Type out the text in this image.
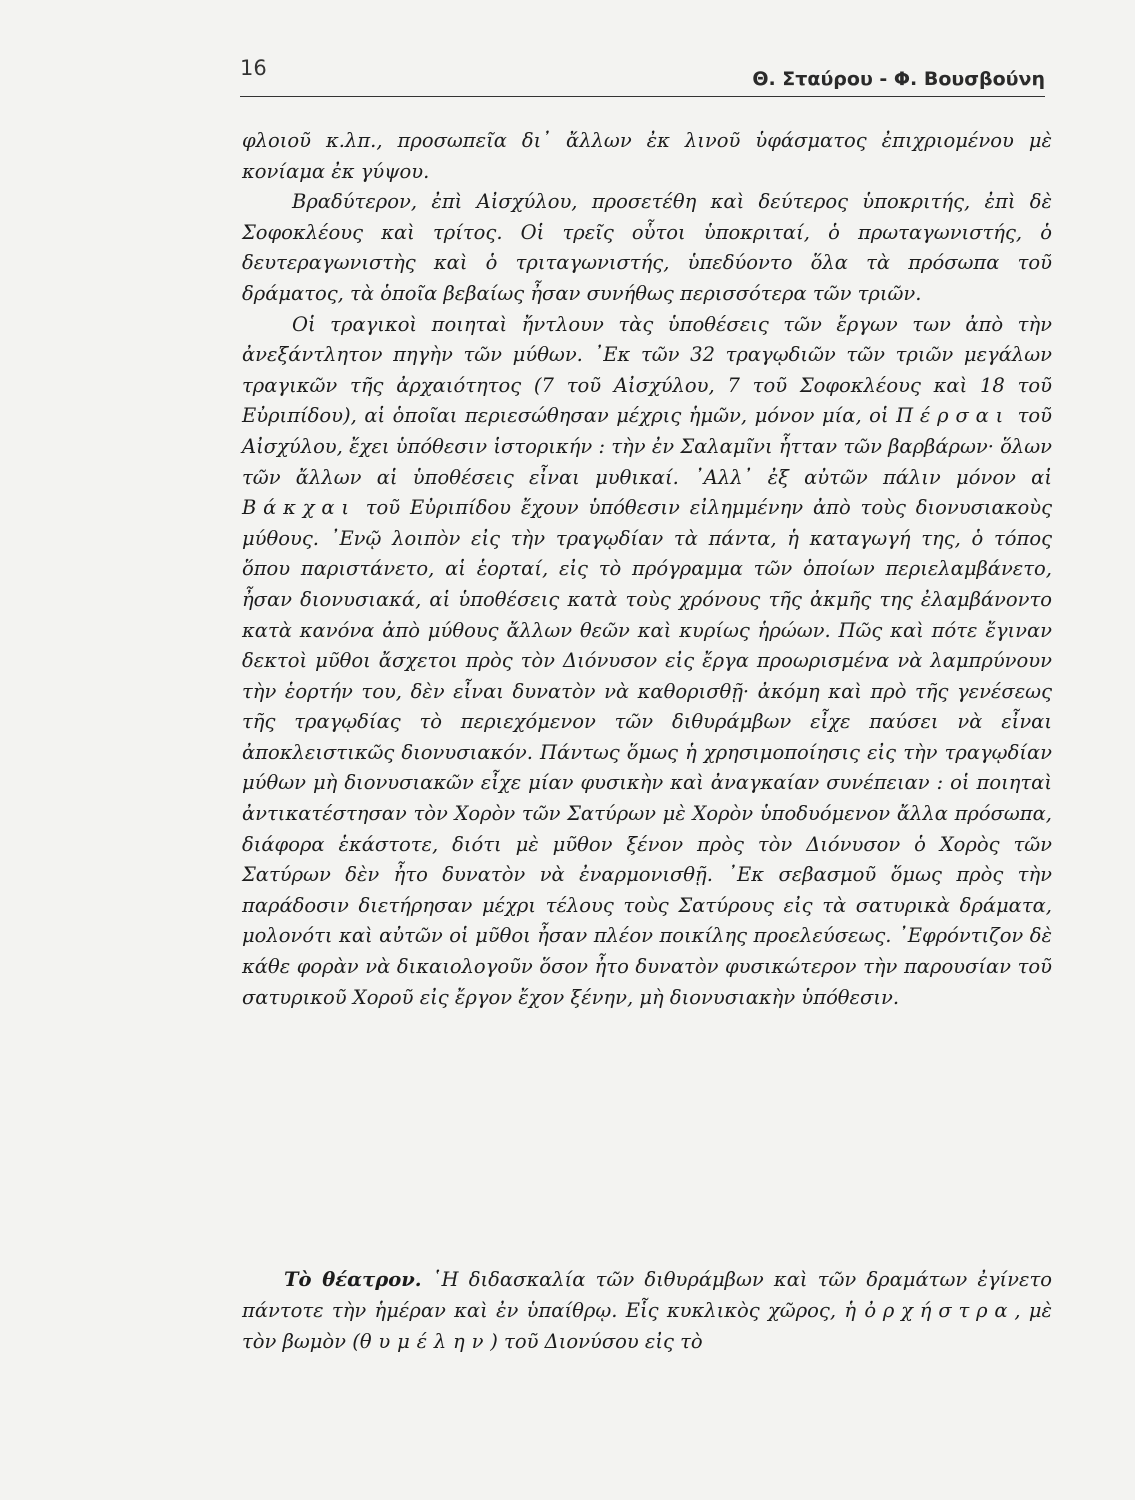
16	Θ. Σταύρου - Φ. Βουσβούνη

φλοιοῦ κ.λπ., προσωπεῖα δι᾽ ἄλλων ἐκ λινοῦ ὑφάσματος ἐπιχριομένου μὲ κονίαμα ἐκ γύψου.

Βραδύτερον, ἐπὶ Αἰσχύλου, προσετέθη καὶ δεύτερος ὑποκριτής, ἐπὶ δὲ Σοφοκλέους καὶ τρίτος. Οἱ τρεῖς οὗτοι ὑποκριταί, ὁ πρωταγωνιστής, ὁ δευτεραγωνιστὴς καὶ ὁ τριταγωνιστής, ὑπεδύοντο ὅλα τὰ πρόσωπα τοῦ δράματος, τὰ ὁποῖα βεβαίως ἦσαν συνήθως περισσότερα τῶν τριῶν.

Οἱ τραγικοὶ ποιηταὶ ἤντλουν τὰς ὑποθέσεις τῶν ἔργων των ἀπὸ τὴν ἀνεξάντλητον πηγὴν τῶν μύθων. ᾿Εκ τῶν 32 τραγῳδιῶν τῶν τριῶν μεγάλων τραγικῶν τῆς ἀρχαιότητος (7 τοῦ Αἰσχύλου, 7 τοῦ Σοφοκλέους καὶ 18 τοῦ Εὐριπίδου), αἱ ὁποῖαι περιεσώθησαν μέχρις ἡμῶν, μόνον μία, οἱ Πέρσαι τοῦ Αἰσχύλου, ἔχει ὑπόθεσιν ἱστορικήν : τὴν ἐν Σαλαμῖνι ἧτταν τῶν βαρβάρων· ὅλων τῶν ἄλλων αἱ ὑποθέσεις εἶναι μυθικαί. ᾿Αλλ᾽ ἐξ αὐτῶν πάλιν μόνον αἱ Βάκχαι τοῦ Εὐριπίδου ἔχουν ὑπόθεσιν εἰλημμένην ἀπὸ τοὺς διονυσιακοὺς μύθους. ᾿Ενῷ λοιπὸν εἰς τὴν τραγῳδίαν τὰ πάντα, ἡ καταγωγή της, ὁ τόπος ὅπου παριστάνετο, αἱ ἑορταί, εἰς τὸ πρόγραμμα τῶν ὁποίων περιελαμβάνετο, ἦσαν διονυσιακά, αἱ ὑποθέσεις κατὰ τοὺς χρόνους τῆς ἀκμῆς της ἐλαμβάνοντο κατὰ κανόνα ἀπὸ μύθους ἄλλων θεῶν καὶ κυρίως ἡρώων. Πῶς καὶ πότε ἔγιναν δεκτοὶ μῦθοι ἄσχετοι πρὸς τὸν Διόνυσον εἰς ἔργα προωρισμένα νὰ λαμπρύνουν τὴν ἑορτήν του, δὲν εἶναι δυνατὸν νὰ καθορισθῇ· ἀκόμη καὶ πρὸ τῆς γενέσεως τῆς τραγῳδίας τὸ περιεχόμενον τῶν διθυράμβων εἶχε παύσει νὰ εἶναι ἀποκλειστικῶς διονυσιακόν. Πάντως ὅμως ἡ χρησιμοποίησις εἰς τὴν τραγῳδίαν μύθων μὴ διονυσιακῶν εἶχε μίαν φυσικὴν καὶ ἀναγκαίαν συνέπειαν : οἱ ποιηταὶ ἀντικατέστησαν τὸν Χορὸν τῶν Σατύρων μὲ Χορὸν ὑποδυόμενον ἄλλα πρόσωπα, διάφορα ἑκάστοτε, διότι μὲ μῦθον ξένον πρὸς τὸν Διόνυσον ὁ Χορὸς τῶν Σατύρων δὲν ἦτο δυνατὸν νὰ ἐναρμονισθῇ. ᾿Εκ σεβασμοῦ ὅμως πρὸς τὴν παράδοσιν διετήρησαν μέχρι τέλους τοὺς Σατύρους εἰς τὰ σατυρικὰ δράματα, μολονότι καὶ αὐτῶν οἱ μῦθοι ἦσαν πλέον ποικίλης προελεύσεως. ᾿Εφρόντιζον δὲ κάθε φορὰν νὰ δικαιολογοῦν ὅσον ἦτο δυνατὸν φυσικώτερον τὴν παρουσίαν τοῦ σατυρικοῦ Χοροῦ εἰς ἔργον ἔχον ξένην, μὴ διονυσιακὴν ὑπόθεσιν.

Τὸ θέατρον. ῾Η διδασκαλία τῶν διθυράμβων καὶ τῶν δραμάτων ἐγίνετο πάντοτε τὴν ἡμέραν καὶ ἐν ὑπαίθρῳ. Εἷς κυκλικὸς χῶρος, ἡ ὀρχήστρα, μὲ τὸν βωμὸν (θυμέλην) τοῦ Διονύσου εἰς τὸ
